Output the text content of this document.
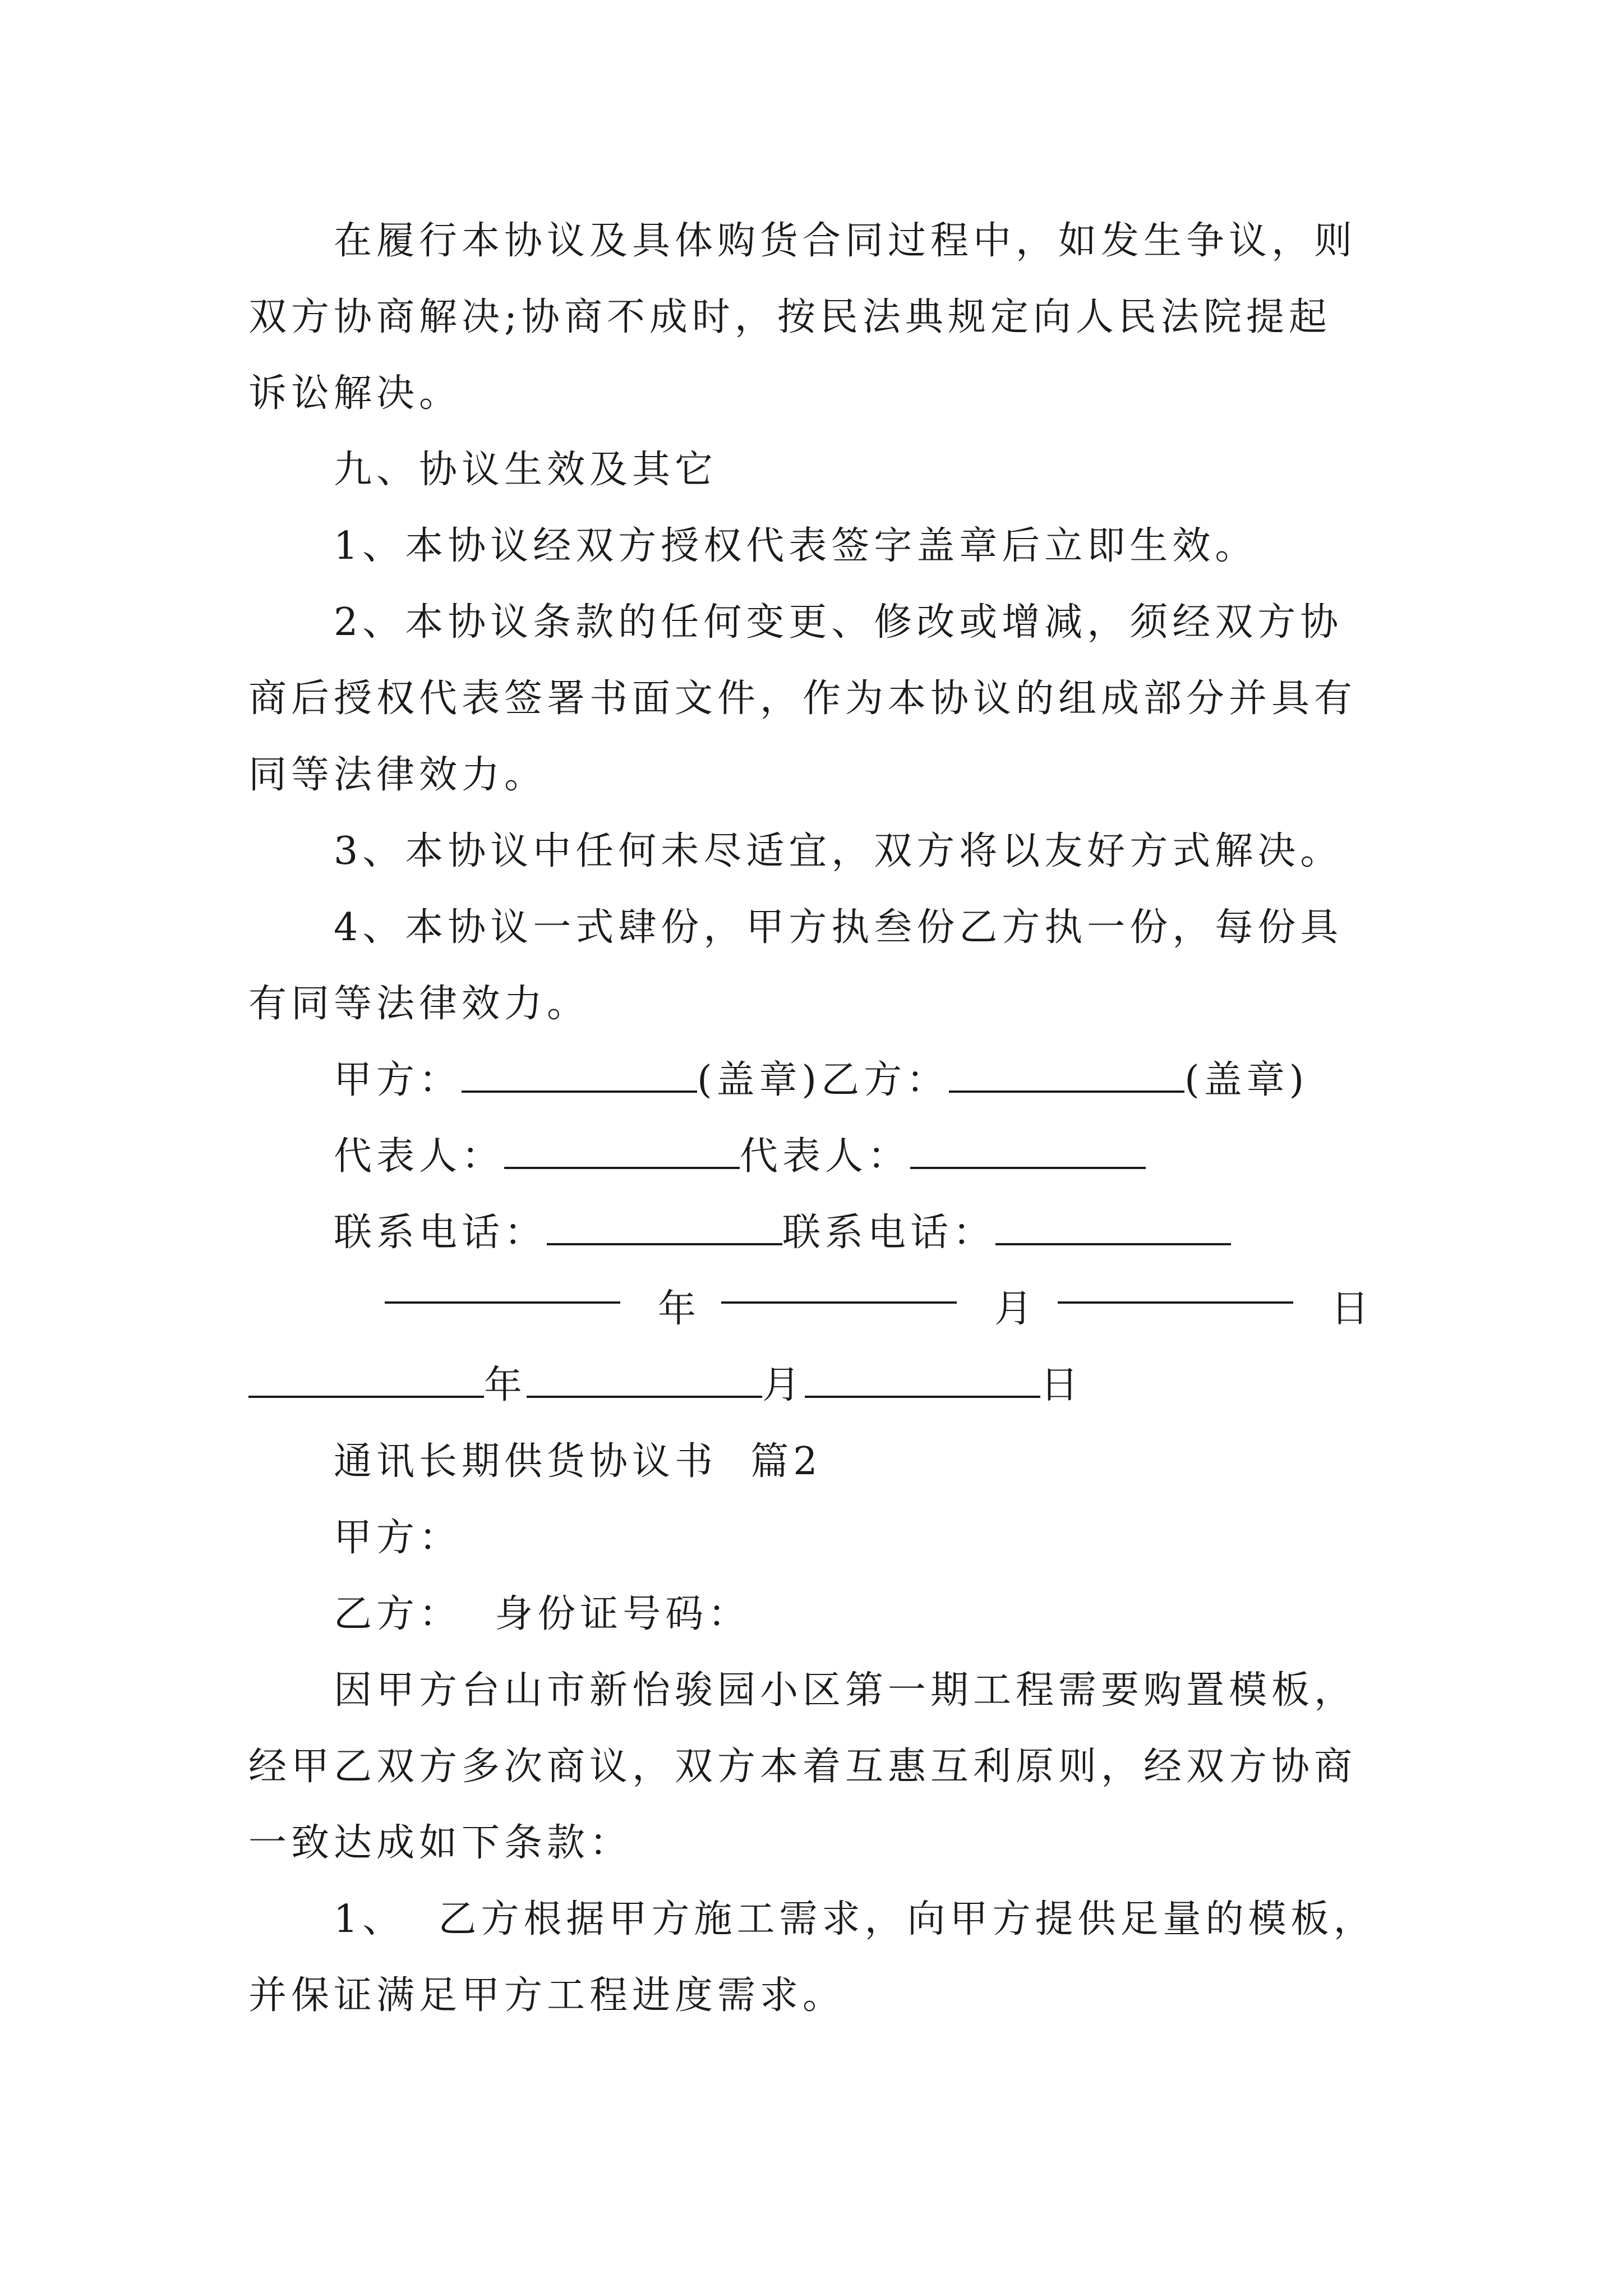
在履行本协议及具体购货合同过程中，如发生争议，则
双方协商解决;协商不成时，按民法典规定向人民法院提起
诉讼解决。
九、协议生效及其它
1、本协议经双方授权代表签字盖章后立即生效。
2、本协议条款的任何变更、修改或增减，须经双方协
商后授权代表签署书面文件，作为本协议的组成部分并具有
同等法律效力。
3、本协议中任何未尽适宜，双方将以友好方式解决。
4、本协议一式肆份，甲方执叁份乙方执一份，每份具
有同等法律效力。
甲方：	(盖章)乙方：	(盖章)
代表人：	代表人：
联系电话：	联系电话：
年	月	日
年	月	日
通讯长期供货协议书  篇2
甲方：
乙方：  身份证号码：
因甲方台山市新怡骏园小区第一期工程需要购置模板，
经甲乙双方多次商议，双方本着互惠互利原则，经双方协商
一致达成如下条款：
1、  乙方根据甲方施工需求，向甲方提供足量的模板，
并保证满足甲方工程进度需求。
